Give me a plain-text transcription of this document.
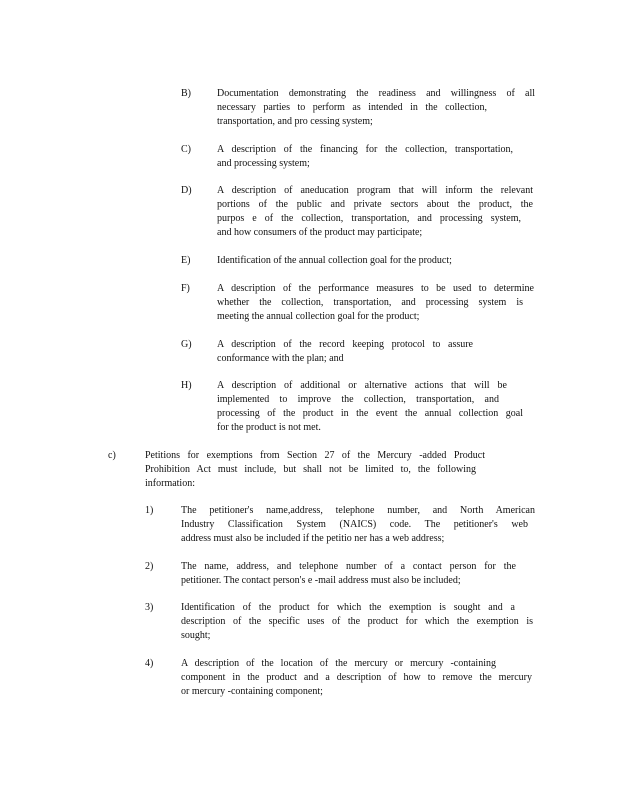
B)	Documentation demonstrating the readiness and willingness of all
necessary parties to perform as intended in the collection,
transportation, and pro cessing system;
C)	A description of the financing for the collection, transportation,
and processing system;
D)	A description of aneducation program that will inform the relevant
portions of the public and private sectors about the product, the
purpos e of the collection, transportation, and processing system,
and how consumers of the product may participate;
E)	Identification of the annual collection goal for the product;
F)	A description of the performance measures to be used to determine
whether the collection, transportation, and processing system is
meeting the annual collection goal for the product;
G)	A description of the record keeping protocol to assure
conformance with the plan; and
H)	A description of additional or alternative actions that will be
implemented to improve the collection, transportation, and
processing of the product in the event the annual collection goal
for the product is not met.
c)	Petitions for exemptions from Section 27 of the Mercury -added Product
Prohibition Act must include, but shall not be limited to, the following
information:
1)	The petitioner's name,address, telephone number, and North American
Industry Classification System (NAICS) code. The petitioner's web
address must also be included if the petitio ner has a web address;
2)	The name, address, and telephone number of a contact person for the
petitioner. The contact person's e -mail address must also be included;
3)	Identification of the product for which the exemption is sought and a
description of the specific uses of the product for which the exemption is
sought;
4)	A description of the location of the mercury or mercury -containing
component in the product and a description of how to remove the mercury
or mercury -containing component;
